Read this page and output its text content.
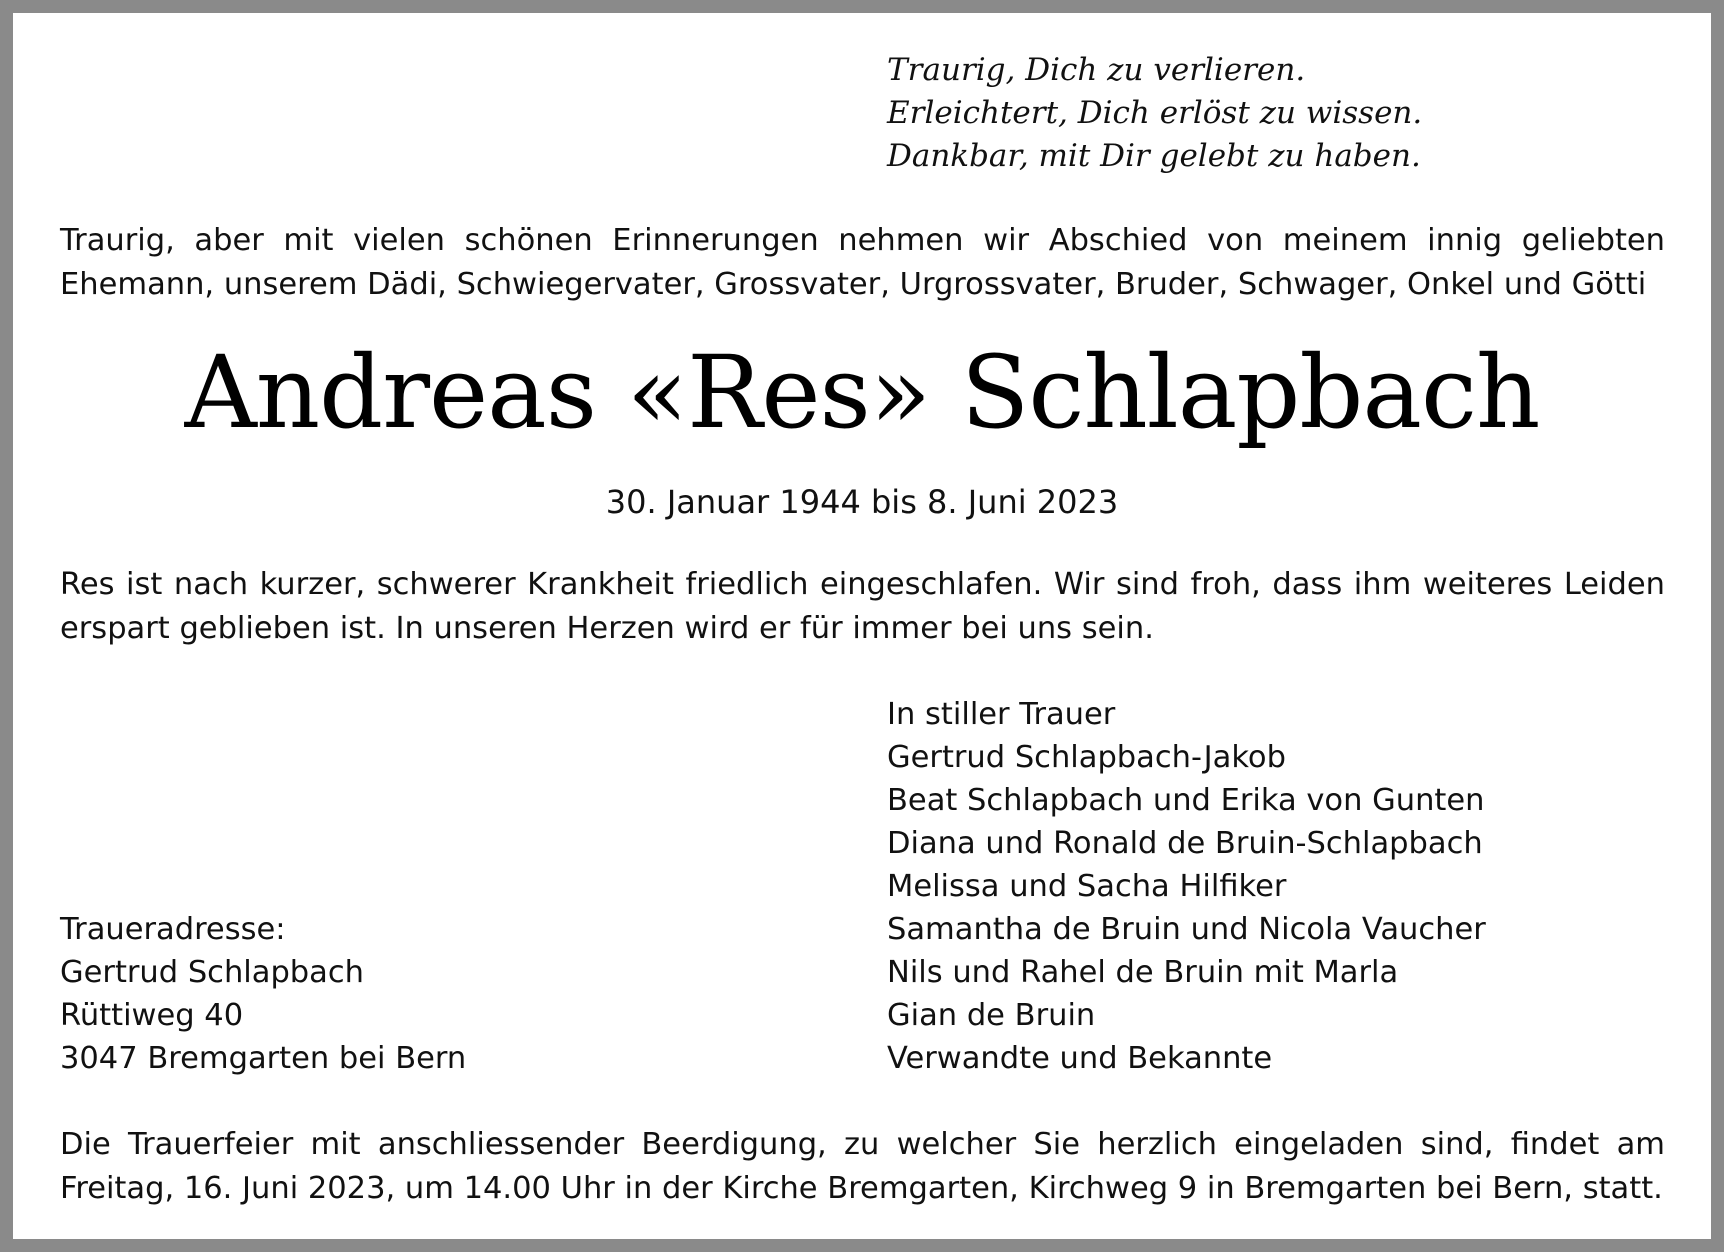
Traurig, Dich zu verlieren.
Erleichtert, Dich erlöst zu wissen.
Dankbar, mit Dir gelebt zu haben.
Traurig, aber mit vielen schönen Erinnerungen nehmen wir Abschied von meinem innig geliebten Ehemann, unserem Dädi, Schwiegervater, Grossvater, Urgrossvater, Bruder, Schwager, Onkel und Götti
Andreas «Res» Schlapbach
30. Januar 1944 bis 8. Juni 2023
Res ist nach kurzer, schwerer Krankheit friedlich eingeschlafen. Wir sind froh, dass ihm weiteres Leiden erspart geblieben ist. In unseren Herzen wird er für immer bei uns sein.
In stiller Trauer
Gertrud Schlapbach-Jakob
Beat Schlapbach und Erika von Gunten
Diana und Ronald de Bruin-Schlapbach
Melissa und Sacha Hilfiker
Samantha de Bruin und Nicola Vaucher
Nils und Rahel de Bruin mit Marla
Gian de Bruin
Verwandte und Bekannte
Traueradresse:
Gertrud Schlapbach
Rüttiweg 40
3047 Bremgarten bei Bern
Die Trauerfeier mit anschliessender Beerdigung, zu welcher Sie herzlich eingeladen sind, findet am Freitag, 16. Juni 2023, um 14.00 Uhr in der Kirche Bremgarten, Kirchweg 9 in Bremgarten bei Bern, statt.
